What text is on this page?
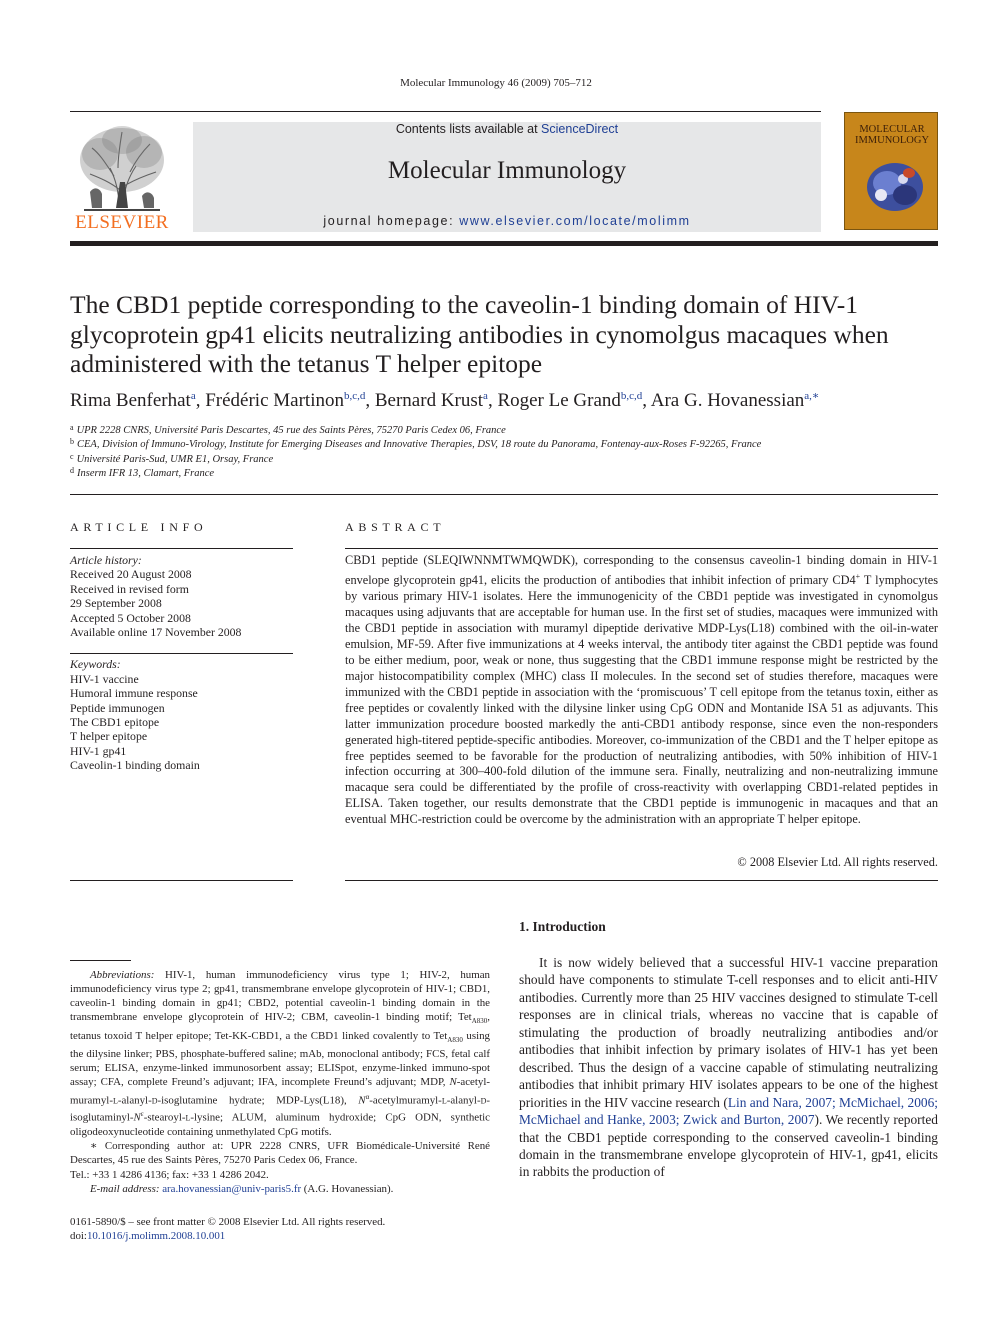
Molecular Immunology 46 (2009) 705–712
ELSEVIER
Contents lists available at ScienceDirect
Molecular Immunology
journal homepage: www.elsevier.com/locate/molimm
MOLECULAR
IMMUNOLOGY
The CBD1 peptide corresponding to the caveolin-1 binding domain of HIV-1 glycoprotein gp41 elicits neutralizing antibodies in cynomolgus macaques when administered with the tetanus T helper epitope
Rima Benferhat$^a$, Frédéric Martinon$^{b,c,d}$, Bernard Krust$^a$, Roger Le Grand$^{b,c,d}$, Ara G. Hovanessian$^{a,∗}$
$^a$ UPR 2228 CNRS, Université Paris Descartes, 45 rue des Saints Pères, 75270 Paris Cedex 06, France
$^b$ CEA, Division of Immuno-Virology, Institute for Emerging Diseases and Innovative Therapies, DSV, 18 route du Panorama, Fontenay-aux-Roses F-92265, France
$^c$ Université Paris-Sud, UMR E1, Orsay, France
$^d$ Inserm IFR 13, Clamart, France
ARTICLE INFO
Article history:
Received 20 August 2008
Received in revised form
29 September 2008
Accepted 5 October 2008
Available online 17 November 2008
Keywords:
HIV-1 vaccine
Humoral immune response
Peptide immunogen
The CBD1 epitope
T helper epitope
HIV-1 gp41
Caveolin-1 binding domain
ABSTRACT
CBD1 peptide (SLEQIWNNMTWMQWDK), corresponding to the consensus caveolin-1 binding domain in HIV-1 envelope glycoprotein gp41, elicits the production of antibodies that inhibit infection of primary CD4+ T lymphocytes by various primary HIV-1 isolates. Here the immunogenicity of the CBD1 peptide was investigated in cynomolgus macaques using adjuvants that are acceptable for human use. In the first set of studies, macaques were immunized with the CBD1 peptide in association with muramyl dipeptide derivative MDP-Lys(L18) combined with the oil-in-water emulsion, MF-59. After five immunizations at 4 weeks interval, the antibody titer against the CBD1 peptide was found to be either medium, poor, weak or none, thus suggesting that the CBD1 immune response might be restricted by the major histocompatibility complex (MHC) class II molecules. In the second set of studies therefore, macaques were immunized with the CBD1 peptide in association with the ‘promiscuous’ T cell epitope from the tetanus toxin, either as free peptides or covalently linked with the dilysine linker using CpG ODN and Montanide ISA 51 as adjuvants. This latter immunization procedure boosted markedly the anti-CBD1 antibody response, since even the non-responders generated high-titered peptide-specific antibodies. Moreover, co-immunization of the CBD1 and the T helper epitope as free peptides seemed to be favorable for the production of neutralizing antibodies, with 50% inhibition of HIV-1 infection occurring at 300–400-fold dilution of the immune sera. Finally, neutralizing and non-neutralizing immune macaque sera could be differentiated by the profile of cross-reactivity with overlapping CBD1-related peptides in ELISA. Taken together, our results demonstrate that the CBD1 peptide is immunogenic in macaques and that an eventual MHC-restriction could be overcome by the administration with an appropriate T helper epitope.
© 2008 Elsevier Ltd. All rights reserved.

Abbreviations: HIV-1, human immunodeficiency virus type 1; HIV-2, human immunodeficiency virus type 2; gp41, transmembrane envelope glycoprotein of HIV-1; CBD1, caveolin-1 binding domain in gp41; CBD2, potential caveolin-1 binding domain in the transmembrane envelope glycoprotein of HIV-2; CBM, caveolin-1 binding motif; Tet$_{A830}$, tetanus toxoid T helper epitope; Tet-KK-CBD1, a the CBD1 linked covalently to Tet$_{A830}$ using the dilysine linker; PBS, phosphate-buffered saline; mAb, monoclonal antibody; FCS, fetal calf serum; ELISA, enzyme-linked immunosorbent assay; ELISpot, enzyme-linked immuno-spot assay; CFA, complete Freund’s adjuvant; IFA, incomplete Freund’s adjuvant; MDP, N-acetyl-muramyl-l-alanyl-d-isoglutamine hydrate; MDP-Lys(L18), $N^\alpha-acetylmuramyl-l-alanyl-d-isoglutaminyl-N^\varepsilon-stearoyl-l$-lysine; ALUM, aluminum hydroxide; CpG ODN, synthetic oligodeoxynucleotide containing unmethylated CpG motifs.

∗ Corresponding author at: UPR 2228 CNRS, UFR Biomédicale-Université René Descartes, 45 rue des Saints Pères, 75270 Paris Cedex 06, France.

Tel.: +33 1 4286 4136; fax: +33 1 4286 2042.

E-mail address: ara.hovanessian@univ-paris5.fr (A.G. Hovanessian).

0161-5890/$ – see front matter © 2008 Elsevier Ltd. All rights reserved.
doi:10.1016/j.molimm.2008.10.001
1. Introduction
It is now widely believed that a successful HIV-1 vaccine preparation should have components to stimulate T-cell responses and to elicit anti-HIV antibodies. Currently more than 25 HIV vaccines designed to stimulate T-cell responses are in clinical trials, whereas no vaccine that is capable of stimulating the production of broadly neutralizing antibodies and/or antibodies that inhibit infection by primary isolates of HIV-1 has yet been described. Thus the design of a vaccine capable of stimulating neutralizing antibodies that inhibit primary HIV isolates appears to be one of the highest priorities in the HIV vaccine research (Lin and Nara, 2007; McMichael, 2006; McMichael and Hanke, 2003; Zwick and Burton, 2007). We recently reported that the CBD1 peptide corresponding to the conserved caveolin-1 binding domain in the transmembrane envelope glycoprotein of HIV-1, gp41, elicits in rabbits the production of
